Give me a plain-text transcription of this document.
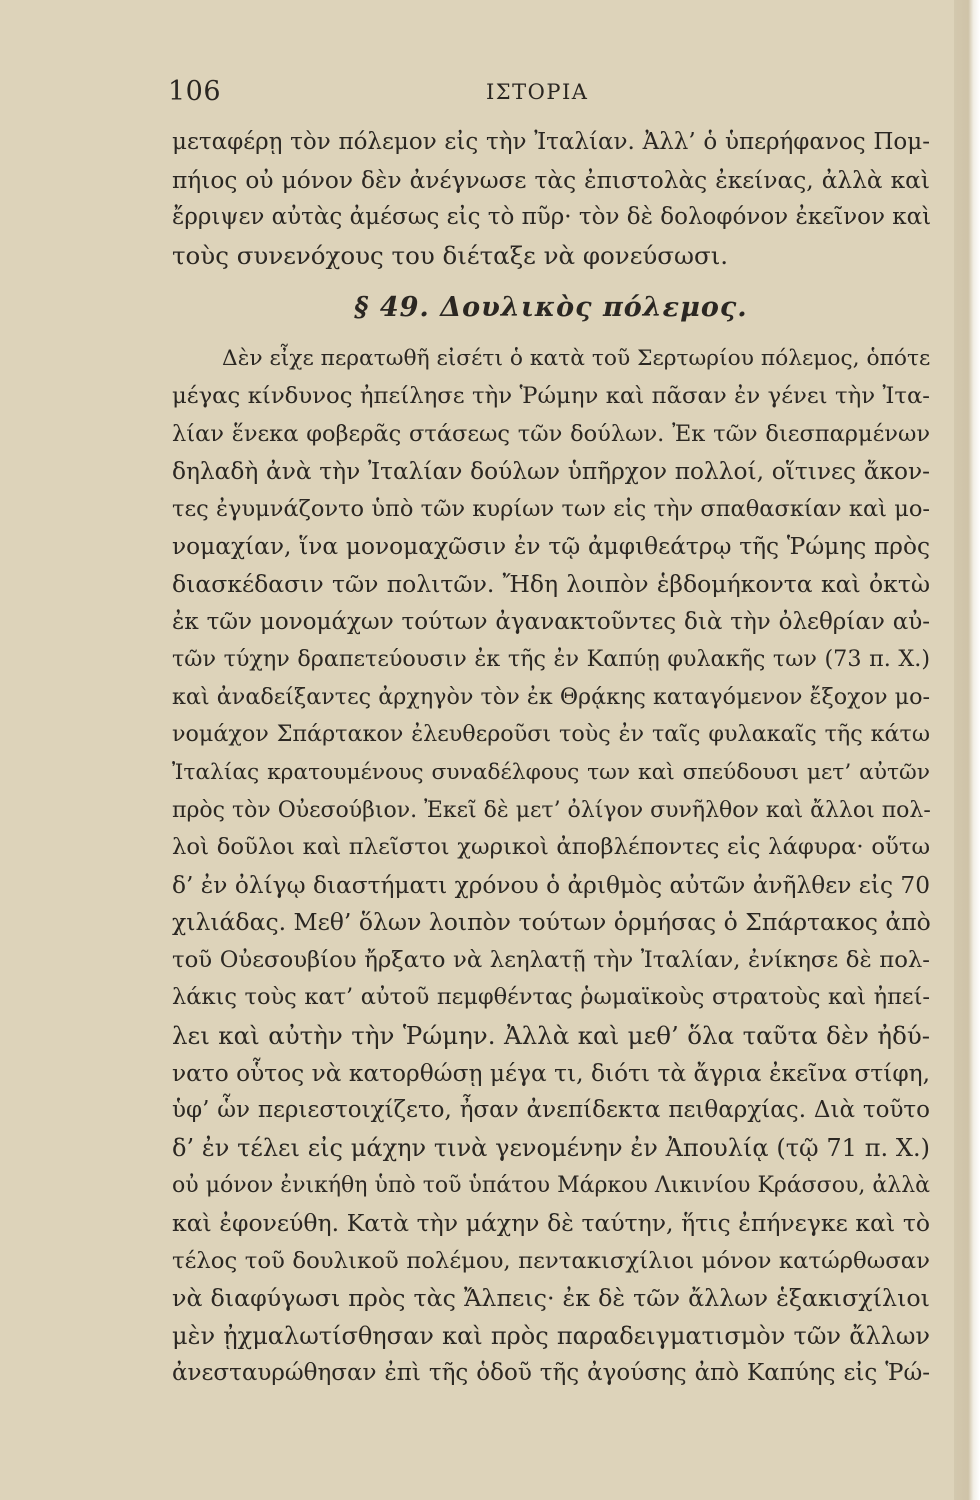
106	ΙΣΤΟΡΙΑ
μεταφέρῃ τὸν πόλεμον εἰς τὴν Ἰταλίαν. Ἀλλ’ ὁ ὑπερήφανος Πομ-
πήιος οὐ μόνον δὲν ἀνέγνωσε τὰς ἐπιστολὰς ἐκείνας, ἀλλὰ καὶ
ἔρριψεν αὐτὰς ἀμέσως εἰς τὸ πῦρ· τὸν δὲ δολοφόνον ἐκεῖνον καὶ
τοὺς συνενόχους του διέταξε νὰ φονεύσωσι.
§ 49. Δουλικὸς πόλεμος.
Δὲν εἶχε περατωθῆ εἰσέτι ὁ κατὰ τοῦ Σερτωρίου πόλεμος, ὁπότε
μέγας κίνδυνος ἠπείλησε τὴν Ῥώμην καὶ πᾶσαν ἐν γένει τὴν Ἰτα-
λίαν ἕνεκα φοβερᾶς στάσεως τῶν δούλων. Ἐκ τῶν διεσπαρμένων
δηλαδὴ ἀνὰ τὴν Ἰταλίαν δούλων ὑπῆρχον πολλοί, οἵτινες ἄκον-
τες ἐγυμνάζοντο ὑπὸ τῶν κυρίων των εἰς τὴν σπαθασκίαν καὶ μο-
νομαχίαν, ἵνα μονομαχῶσιν ἐν τῷ ἀμφιθεάτρῳ τῆς Ῥώμης πρὸς
διασκέδασιν τῶν πολιτῶν. Ἤδη λοιπὸν ἑβδομήκοντα καὶ ὀκτὼ
ἐκ τῶν μονομάχων τούτων ἀγανακτοῦντες διὰ τὴν ὀλεθρίαν αὐ-
τῶν τύχην δραπετεύουσιν ἐκ τῆς ἐν Καπύῃ φυλακῆς των (73 π. Χ.)
καὶ ἀναδείξαντες ἀρχηγὸν τὸν ἐκ Θρᾴκης καταγόμενον ἔξοχον μο-
νομάχον Σπάρτακον ἐλευθεροῦσι τοὺς ἐν ταῖς φυλακαῖς τῆς κάτω
Ἰταλίας κρατουμένους συναδέλφους των καὶ σπεύδουσι μετ’ αὐτῶν
πρὸς τὸν Οὐεσούβιον. Ἐκεῖ δὲ μετ’ ὀλίγον συνῆλθον καὶ ἄλλοι πολ-
λοὶ δοῦλοι καὶ πλεῖστοι χωρικοὶ ἀποβλέποντες εἰς λάφυρα· οὕτω
δ’ ἐν ὀλίγῳ διαστήματι χρόνου ὁ ἀριθμὸς αὐτῶν ἀνῆλθεν εἰς 70
χιλιάδας. Μεθ’ ὅλων λοιπὸν τούτων ὁρμήσας ὁ Σπάρτακος ἀπὸ
τοῦ Οὐεσουβίου ἤρξατο νὰ λεηλατῇ τὴν Ἰταλίαν, ἐνίκησε δὲ πολ-
λάκις τοὺς κατ’ αὐτοῦ πεμφθέντας ῥωμαϊκοὺς στρατοὺς καὶ ἠπεί-
λει καὶ αὐτὴν τὴν Ῥώμην. Ἀλλὰ καὶ μεθ’ ὅλα ταῦτα δὲν ἠδύ-
νατο οὗτος νὰ κατορθώσῃ μέγα τι, διότι τὰ ἄγρια ἐκεῖνα στίφη,
ὑφ’ ὧν περιεστοιχίζετο, ἦσαν ἀνεπίδεκτα πειθαρχίας. Διὰ τοῦτο
δ’ ἐν τέλει εἰς μάχην τινὰ γενομένην ἐν Ἀπουλίᾳ (τῷ 71 π. Χ.)
οὐ μόνον ἐνικήθη ὑπὸ τοῦ ὑπάτου Μάρκου Λικινίου Κράσσου, ἀλλὰ
καὶ ἐφονεύθη. Κατὰ τὴν μάχην δὲ ταύτην, ἥτις ἐπήνεγκε καὶ τὸ
τέλος τοῦ δουλικοῦ πολέμου, πεντακισχίλιοι μόνον κατώρθωσαν
νὰ διαφύγωσι πρὸς τὰς Ἄλπεις· ἐκ δὲ τῶν ἄλλων ἑξακισχίλιοι
μὲν ᾐχμαλωτίσθησαν καὶ πρὸς παραδειγματισμὸν τῶν ἄλλων
ἀνεσταυρώθησαν ἐπὶ τῆς ὁδοῦ τῆς ἀγούσης ἀπὸ Καπύης εἰς Ῥώ-
